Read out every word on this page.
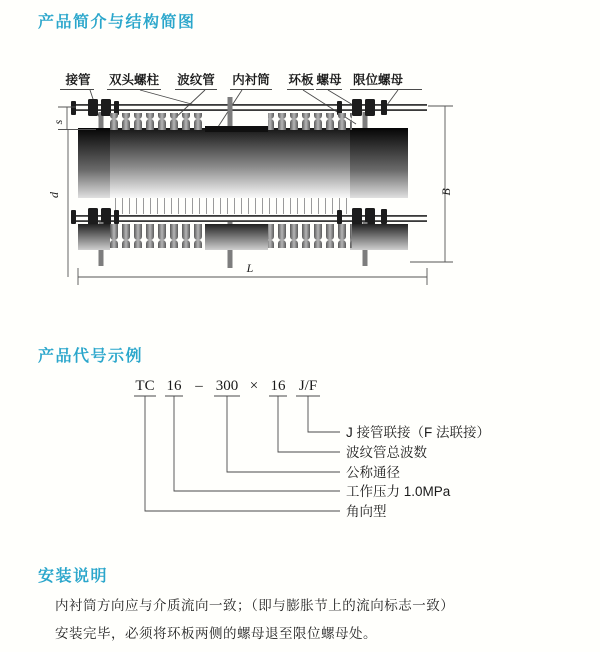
产品简介与结构简图
接管 双头螺柱 波纹管 内衬筒 环板 螺母 限位螺母
s
d	B
L
产品代号示例
TC 16 – 300 × 16 J/F
J 接管联接（F 法联接）
波纹管总波数
公称通径
工作压力 1.0MPa
角向型
安装说明
内衬筒方向应与介质流向一致；（即与膨胀节上的流向标志一致）
安装完毕，必须将环板两侧的螺母退至限位螺母处。
